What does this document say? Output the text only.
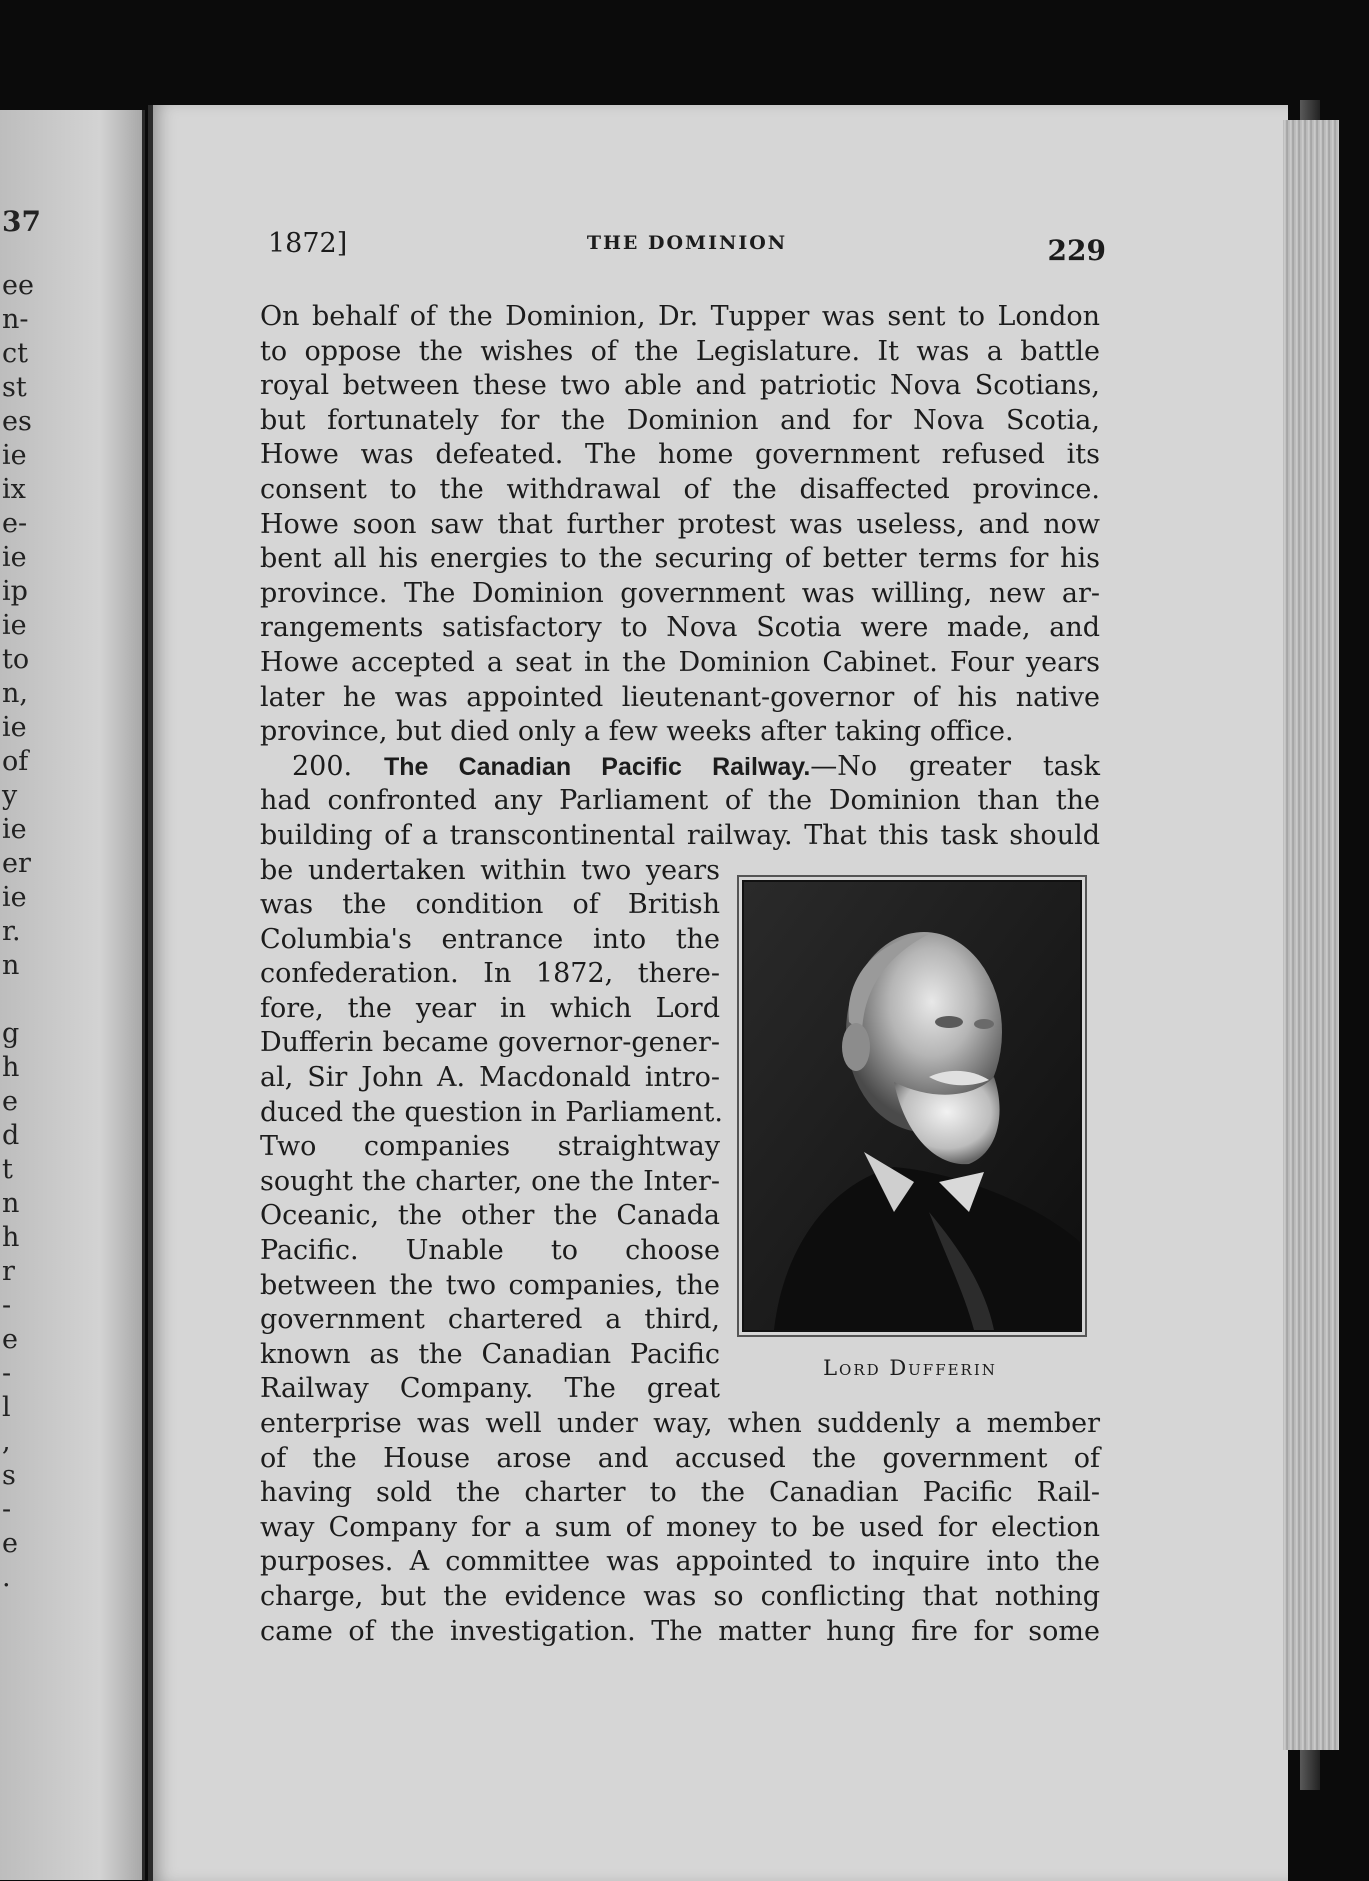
37
ee
n-
ct
st
es
ie
ix
e-
ie
ip
ie
to
n,
ie
of
y
ie
er
ie
r.
n
g
h
e
d
t
n
h
r
-
e
-
l
,
s
-
e
.
1872]	THE DOMINION	229
On behalf of the Dominion, Dr. Tupper was sent to London
to oppose the wishes of the Legislature. It was a battle
royal between these two able and patriotic Nova Scotians,
but fortunately for the Dominion and for Nova Scotia,
Howe was defeated. The home government refused its
consent to the withdrawal of the disaffected province.
Howe soon saw that further protest was useless, and now
bent all his energies to the securing of better terms for his
province. The Dominion government was willing, new ar-
rangements satisfactory to Nova Scotia were made, and
Howe accepted a seat in the Dominion Cabinet. Four years
later he was appointed lieutenant-governor of his native
province, but died only a few weeks after taking office.
200. The Canadian Pacific Railway.—No greater task
had confronted any Parliament of the Dominion than the
building of a transcontinental railway. That this task should
be undertaken within two years
was the condition of British
Columbia's entrance into the
confederation. In 1872, there-
fore, the year in which Lord
Dufferin became governor-gener-
al, Sir John A. Macdonald intro-
duced the question in Parliament.
Two companies straightway
sought the charter, one the Inter-
Oceanic, the other the Canada
Pacific. Unable to choose
between the two companies, the
government chartered a third,
known as the Canadian Pacific
Railway Company. The great
enterprise was well under way, when suddenly a member
of the House arose and accused the government of
having sold the charter to the Canadian Pacific Rail-
way Company for a sum of money to be used for election
purposes. A committee was appointed to inquire into the
charge, but the evidence was so conflicting that nothing
came of the investigation. The matter hung fire for some
Lord Dufferin
